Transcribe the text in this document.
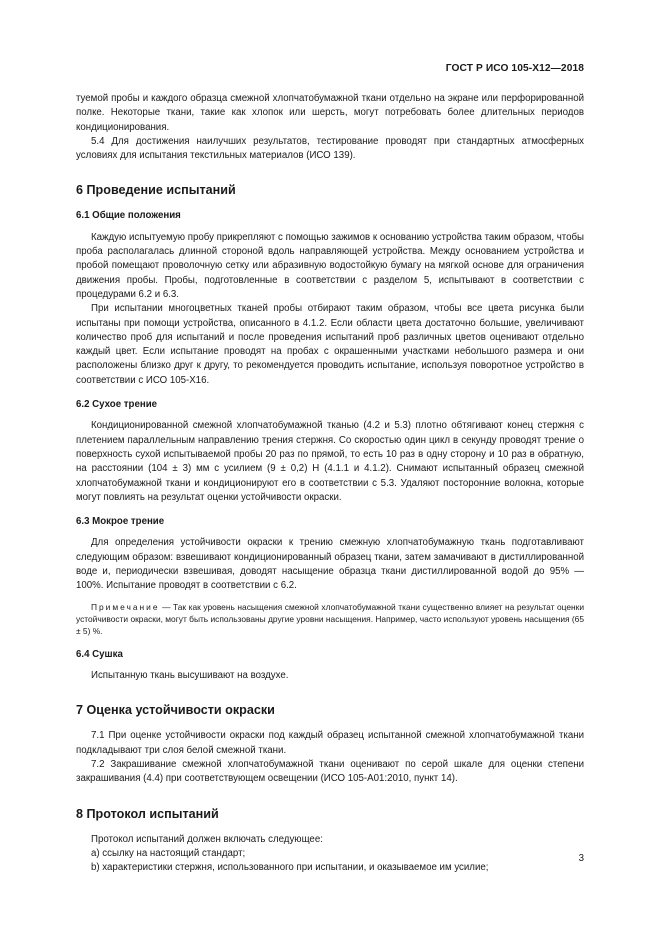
ГОСТ Р ИСО 105-X12—2018

туемой пробы и каждого образца смежной хлопчатобумажной ткани отдельно на экране или перфорированной полке. Некоторые ткани, такие как хлопок или шерсть, могут потребовать более длительных периодов кондиционирования.

5.4 Для достижения наилучших результатов, тестирование проводят при стандартных атмосферных условиях для испытания текстильных материалов (ИСО 139).

6 Проведение испытаний
6.1 Общие положения

Каждую испытуемую пробу прикрепляют с помощью зажимов к основанию устройства таким образом, чтобы проба располагалась длинной стороной вдоль направляющей устройства. Между основанием устройства и пробой помещают проволочную сетку или абразивную водостойкую бумагу на мягкой основе для ограничения движения пробы. Пробы, подготовленные в соответствии с разделом 5, испытывают в соответствии с процедурами 6.2 и 6.3.

При испытании многоцветных тканей пробы отбирают таким образом, чтобы все цвета рисунка были испытаны при помощи устройства, описанного в 4.1.2. Если области цвета достаточно большие, увеличивают количество проб для испытаний и после проведения испытаний проб различных цветов оценивают отдельно каждый цвет. Если испытание проводят на пробах с окрашенными участками небольшого размера и они расположены близко друг к другу, то рекомендуется проводить испытание, используя поворотное устройство в соответствии с ИСО 105-X16.

6.2 Сухое трение

Кондиционированной смежной хлопчатобумажной тканью (4.2 и 5.3) плотно обтягивают конец стержня с плетением параллельным направлению трения стержня. Со скоростью один цикл в секунду проводят трение о поверхность сухой испытываемой пробы 20 раз по прямой, то есть 10 раз в одну сторону и 10 раз в обратную, на расстоянии (104 ± 3) мм с усилием (9 ± 0,2) Н (4.1.1 и 4.1.2). Снимают испытанный образец смежной хлопчатобумажной ткани и кондиционируют его в соответствии с 5.3. Удаляют посторонние волокна, которые могут повлиять на результат оценки устойчивости окраски.

6.3 Мокрое трение

Для определения устойчивости окраски к трению смежную хлопчатобумажную ткань подготавливают следующим образом: взвешивают кондиционированный образец ткани, затем замачивают в дистиллированной воде и, периодически взвешивая, доводят насыщение образца ткани дистиллированной водой до 95% — 100%. Испытание проводят в соответствии с 6.2.

Примечание — Так как уровень насыщения смежной хлопчатобумажной ткани существенно влияет на результат оценки устойчивости окраски, могут быть использованы другие уровни насыщения. Например, часто используют уровень насыщения (65 ± 5) %.

6.4 Сушка

Испытанную ткань высушивают на воздухе.

7 Оценка устойчивости окраски

7.1 При оценке устойчивости окраски под каждый образец испытанной смежной хлопчатобумажной ткани подкладывают три слоя белой смежной ткани.

7.2 Закрашивание смежной хлопчатобумажной ткани оценивают по серой шкале для оценки степени закрашивания (4.4) при соответствующем освещении (ИСО 105-A01:2010, пункт 14).

8 Протокол испытаний

Протокол испытаний должен включать следующее:

a) ссылку на настоящий стандарт;

b) характеристики стержня, использованного при испытании, и оказываемое им усилие;

3
